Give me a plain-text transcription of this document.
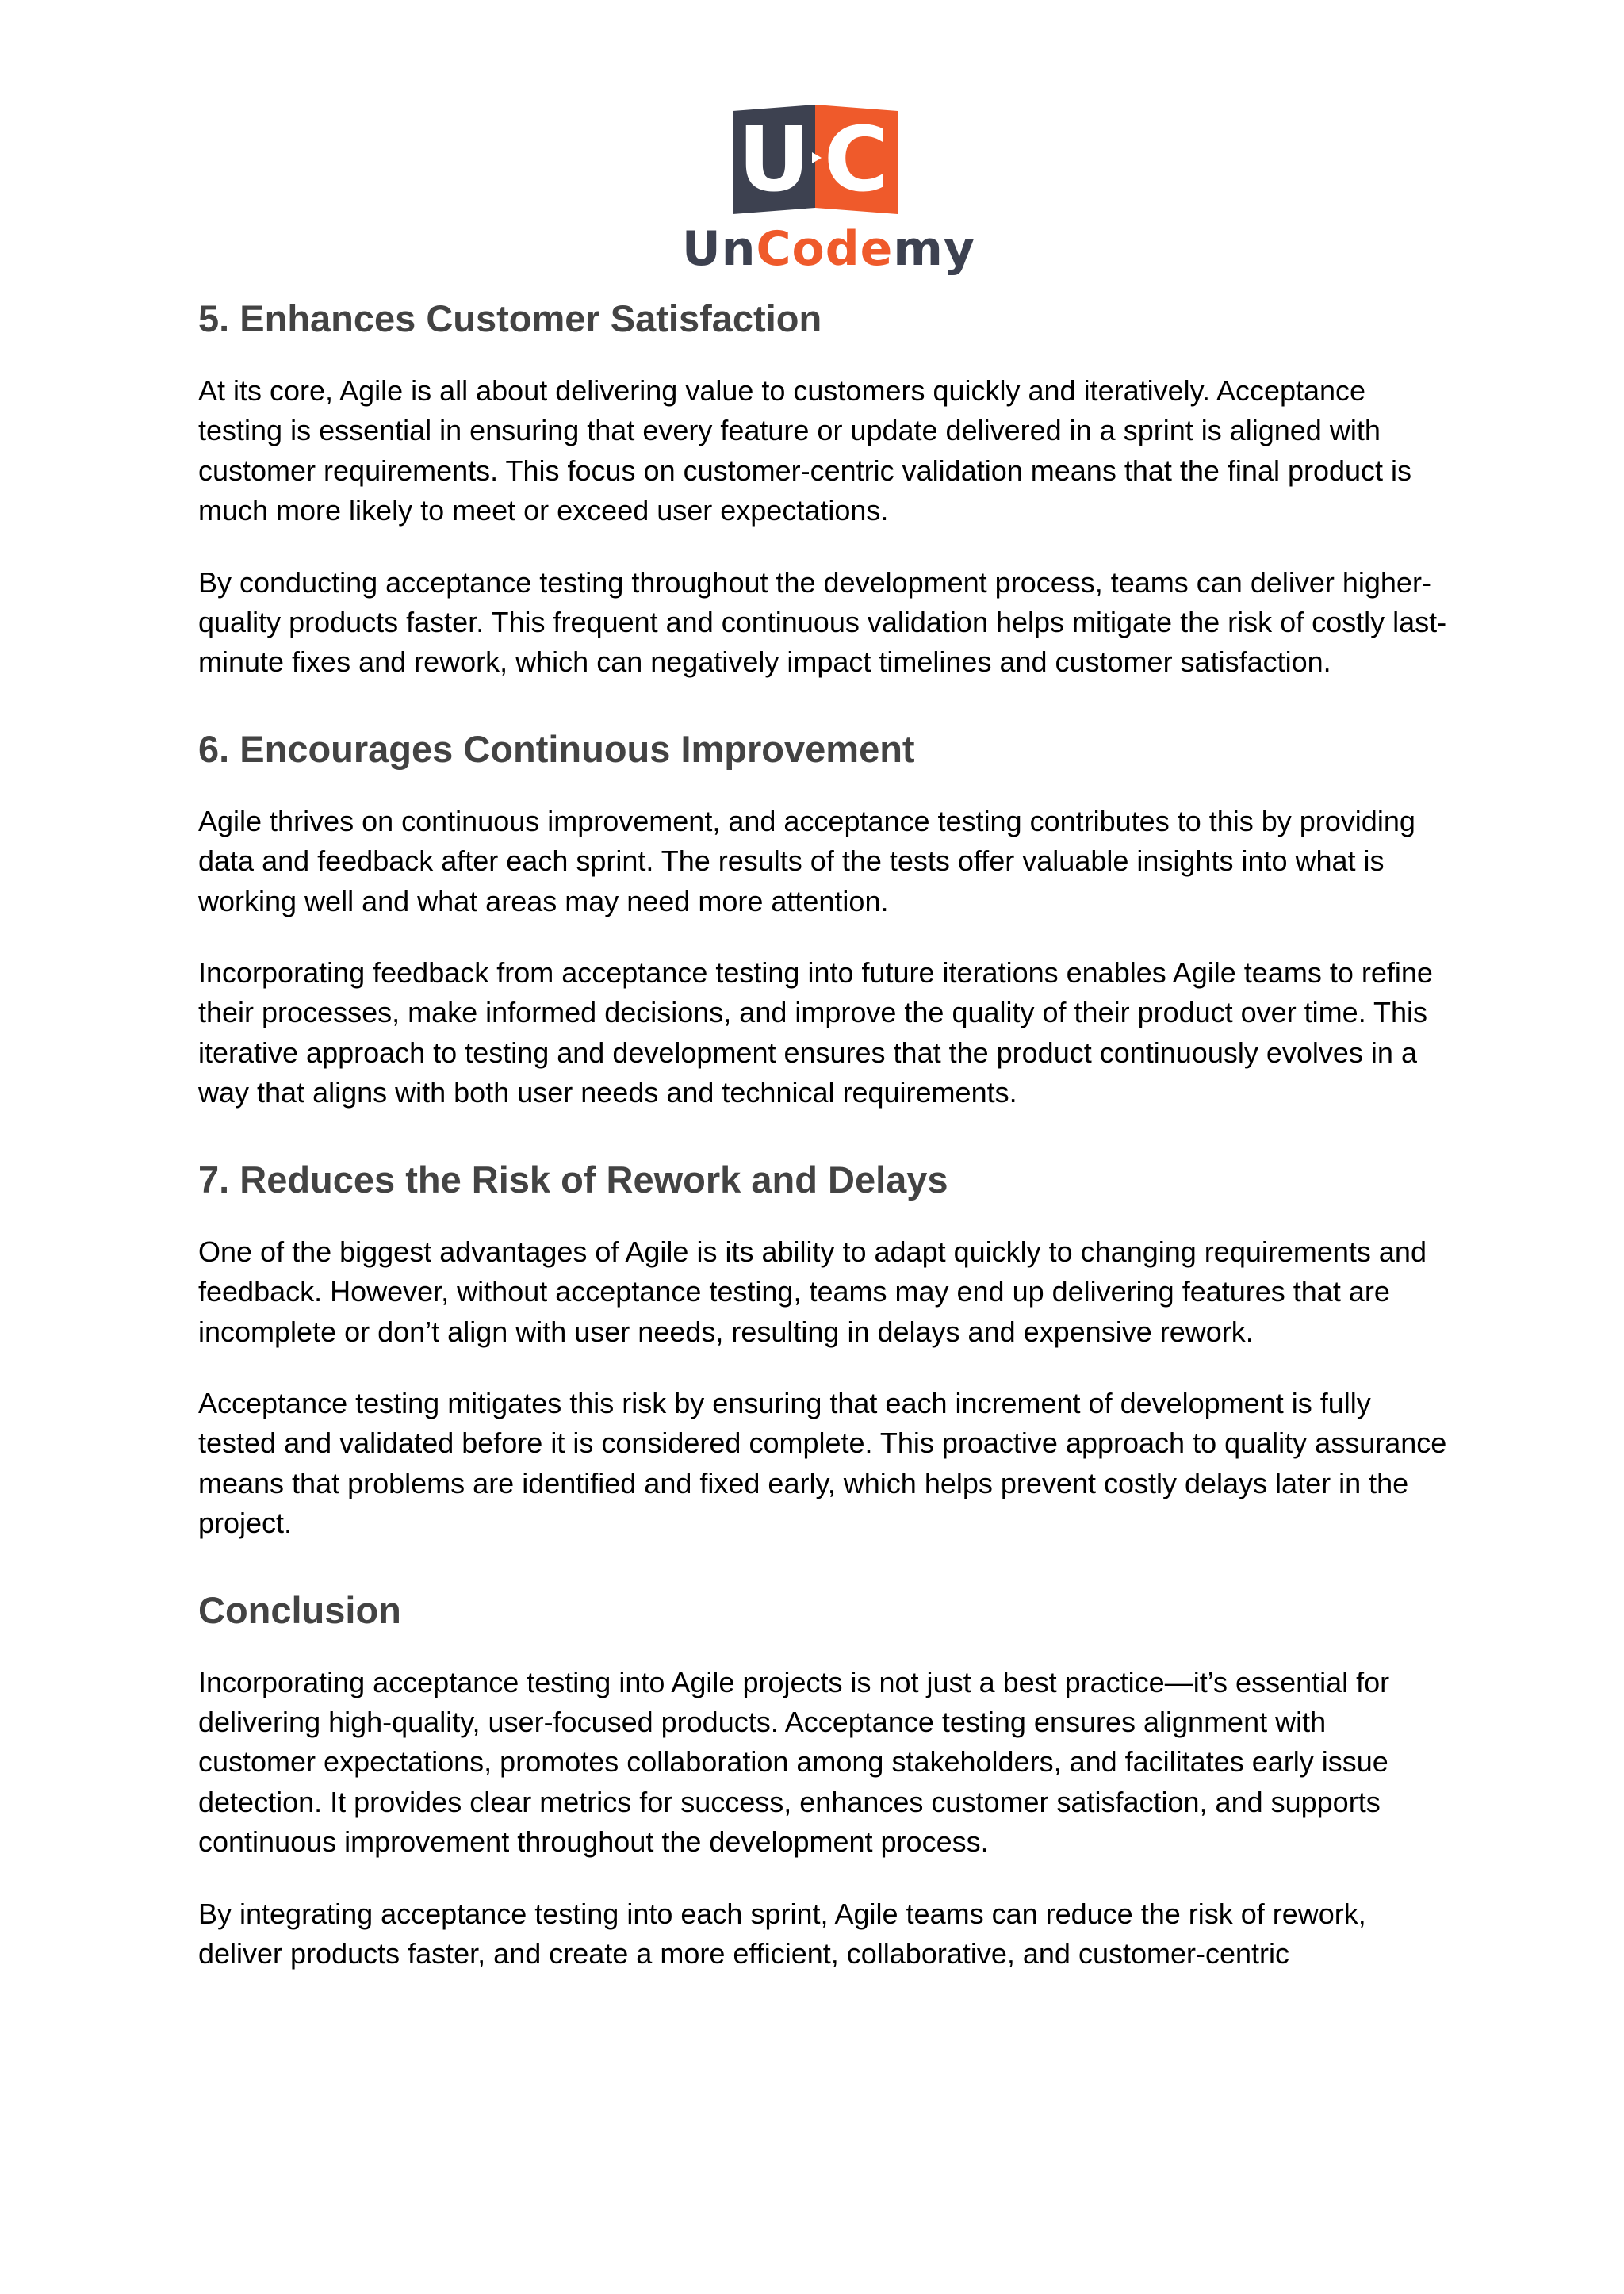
U C
UnCodemy
5. Enhances Customer Satisfaction

At its core, Agile is all about delivering value to customers quickly and iteratively. Acceptance testing is essential in ensuring that every feature or update delivered in a sprint is aligned with customer requirements. This focus on customer-centric validation means that the final product is much more likely to meet or exceed user expectations.

By conducting acceptance testing throughout the development process, teams can deliver higher-quality products faster. This frequent and continuous validation helps mitigate the risk of costly last-minute fixes and rework, which can negatively impact timelines and customer satisfaction.

6. Encourages Continuous Improvement

Agile thrives on continuous improvement, and acceptance testing contributes to this by providing data and feedback after each sprint. The results of the tests offer valuable insights into what is working well and what areas may need more attention.

Incorporating feedback from acceptance testing into future iterations enables Agile teams to refine their processes, make informed decisions, and improve the quality of their product over time. This iterative approach to testing and development ensures that the product continuously evolves in a way that aligns with both user needs and technical requirements.

7. Reduces the Risk of Rework and Delays

One of the biggest advantages of Agile is its ability to adapt quickly to changing requirements and feedback. However, without acceptance testing, teams may end up delivering features that are incomplete or don’t align with user needs, resulting in delays and expensive rework.

Acceptance testing mitigates this risk by ensuring that each increment of development is fully tested and validated before it is considered complete. This proactive approach to quality assurance means that problems are identified and fixed early, which helps prevent costly delays later in the project.

Conclusion

Incorporating acceptance testing into Agile projects is not just a best practice—it’s essential for delivering high-quality, user-focused products. Acceptance testing ensures alignment with customer expectations, promotes collaboration among stakeholders, and facilitates early issue detection. It provides clear metrics for success, enhances customer satisfaction, and supports continuous improvement throughout the development process.

By integrating acceptance testing into each sprint, Agile teams can reduce the risk of rework, deliver products faster, and create a more efficient, collaborative, and customer-centric
